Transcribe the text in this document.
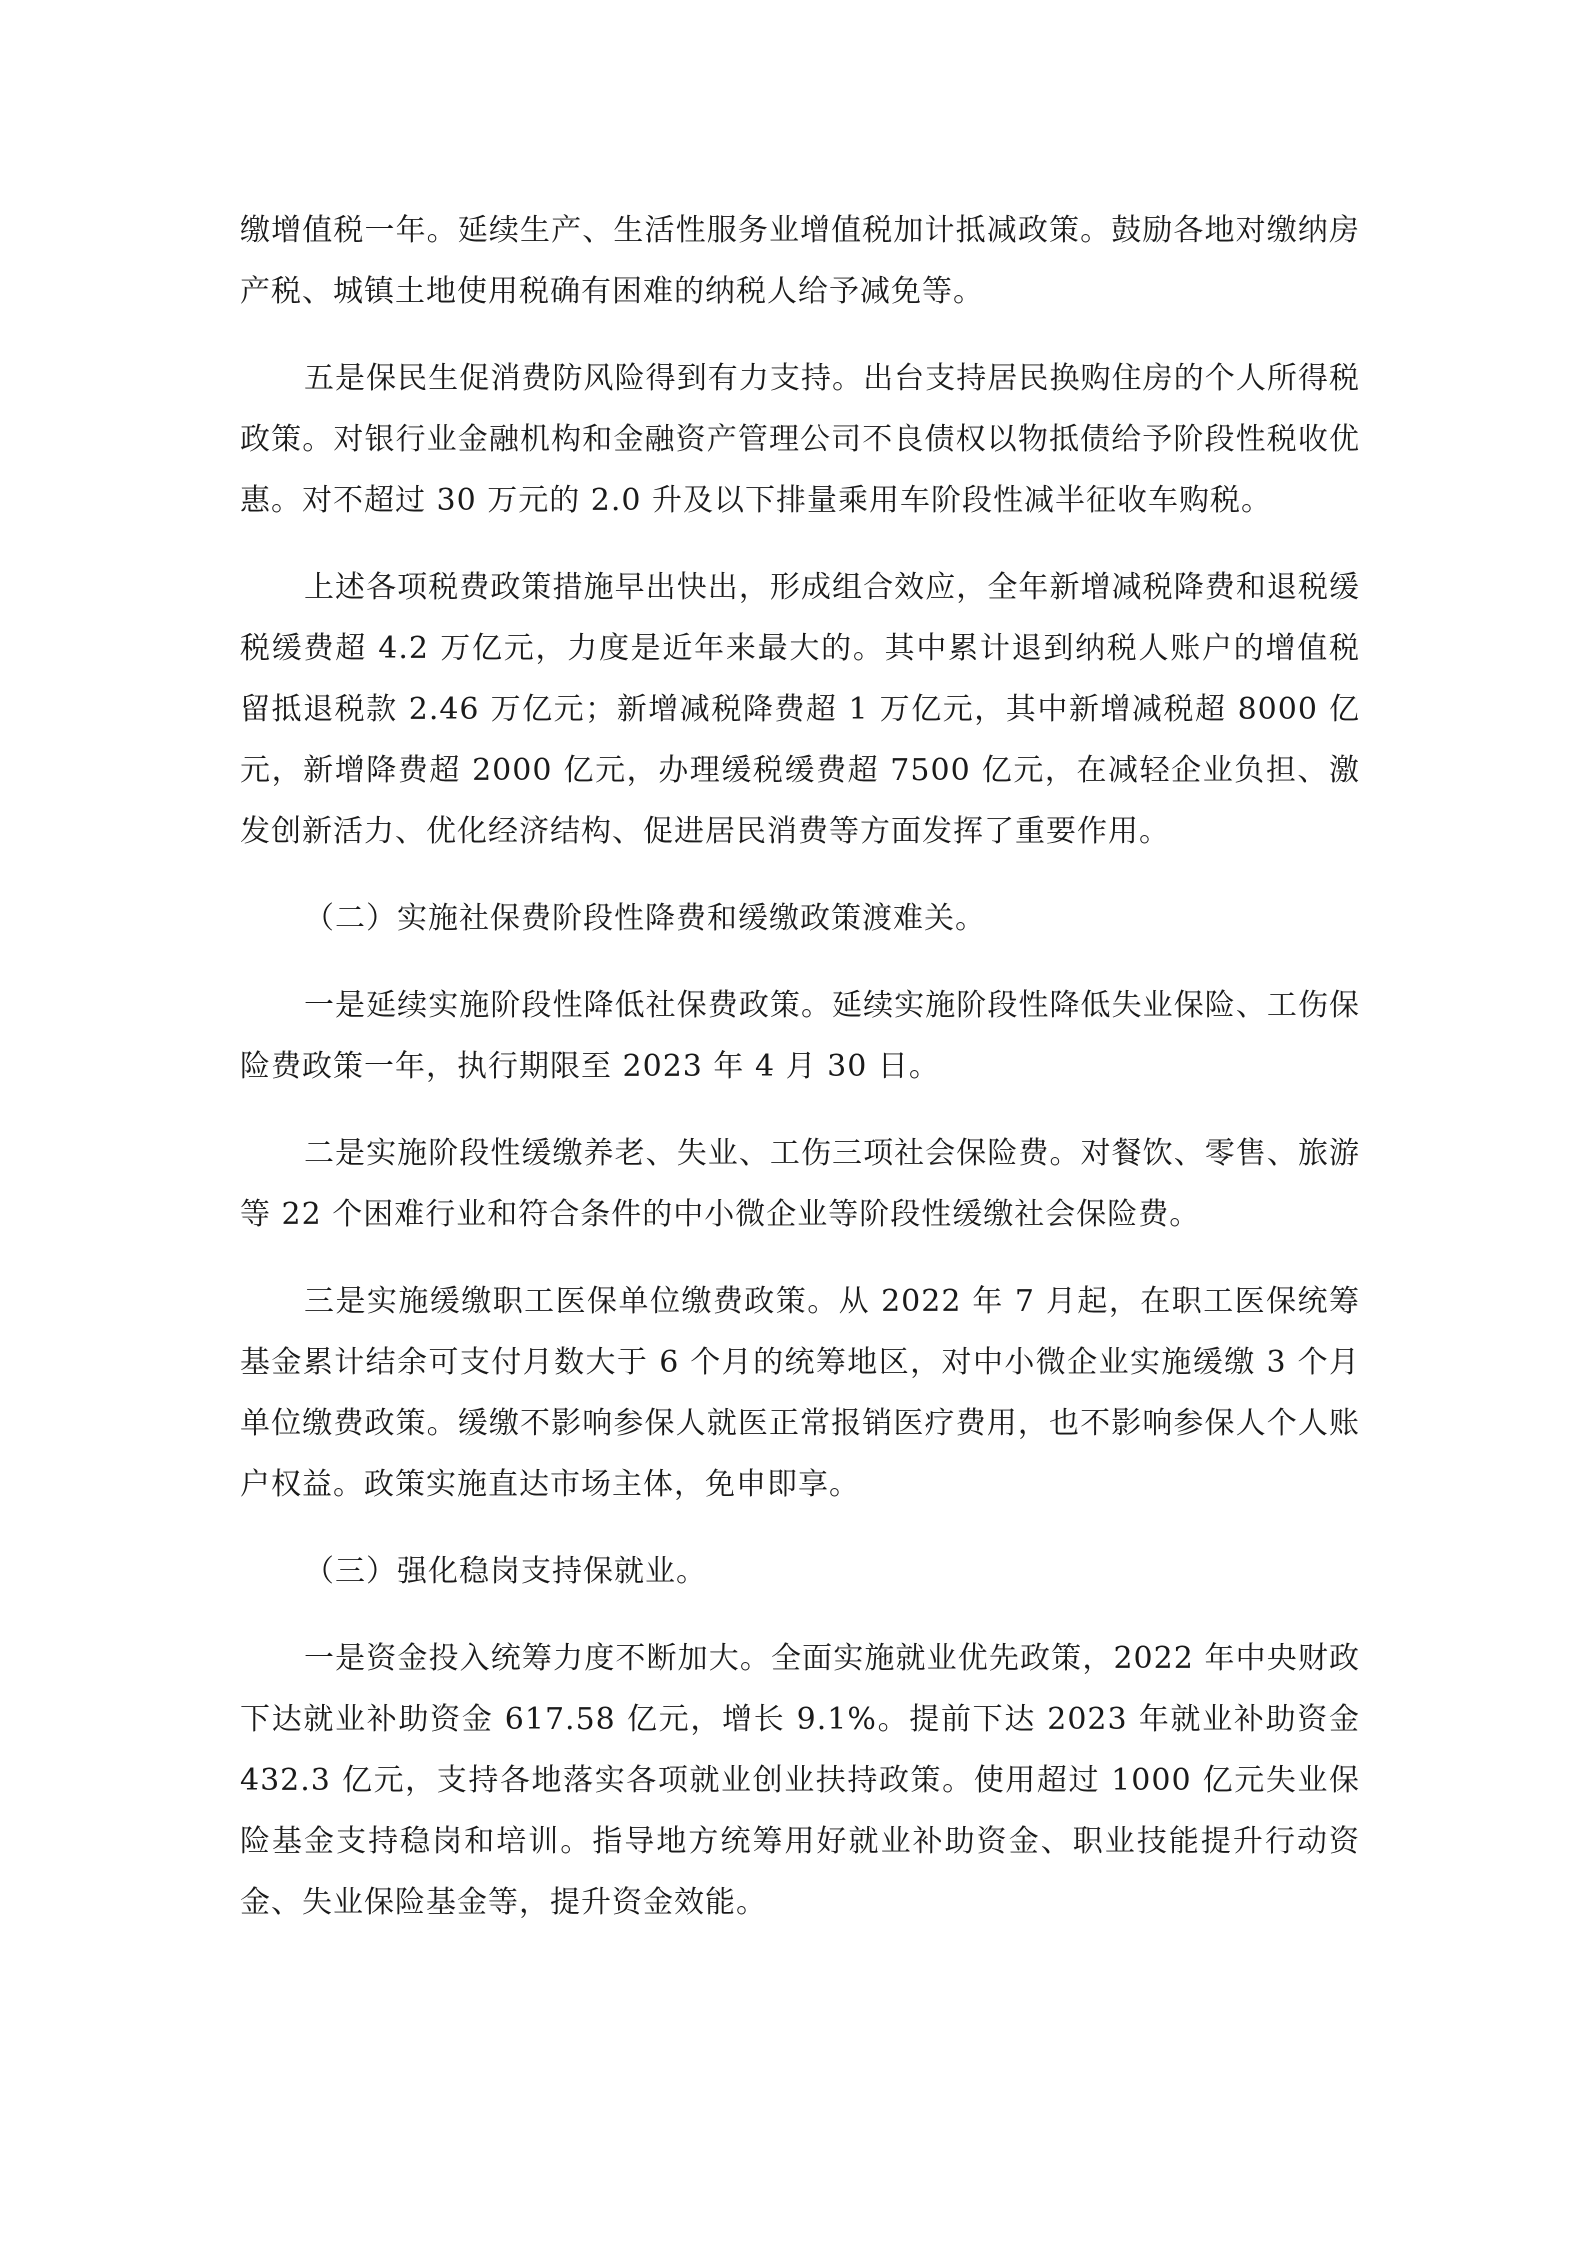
缴增值税一年。延续生产、生活性服务业增值税加计抵减政策。鼓励各地对缴纳房产税、城镇土地使用税确有困难的纳税人给予减免等。

五是保民生促消费防风险得到有力支持。出台支持居民换购住房的个人所得税政策。对银行业金融机构和金融资产管理公司不良债权以物抵债给予阶段性税收优惠。对不超过 30 万元的 2.0 升及以下排量乘用车阶段性减半征收车购税。

上述各项税费政策措施早出快出，形成组合效应，全年新增减税降费和退税缓税缓费超 4.2 万亿元，力度是近年来最大的。其中累计退到纳税人账户的增值税留抵退税款 2.46 万亿元；新增减税降费超 1 万亿元，其中新增减税超 8000 亿元，新增降费超 2000 亿元，办理缓税缓费超 7500 亿元，在减轻企业负担、激发创新活力、优化经济结构、促进居民消费等方面发挥了重要作用。

（二）实施社保费阶段性降费和缓缴政策渡难关。

一是延续实施阶段性降低社保费政策。延续实施阶段性降低失业保险、工伤保险费政策一年，执行期限至 2023 年 4 月 30 日。

二是实施阶段性缓缴养老、失业、工伤三项社会保险费。对餐饮、零售、旅游等 22 个困难行业和符合条件的中小微企业等阶段性缓缴社会保险费。

三是实施缓缴职工医保单位缴费政策。从 2022 年 7 月起，在职工医保统筹基金累计结余可支付月数大于 6 个月的统筹地区，对中小微企业实施缓缴 3 个月单位缴费政策。缓缴不影响参保人就医正常报销医疗费用，也不影响参保人个人账户权益。政策实施直达市场主体，免申即享。

（三）强化稳岗支持保就业。

一是资金投入统筹力度不断加大。全面实施就业优先政策，2022 年中央财政下达就业补助资金 617.58 亿元，增长 9.1%。提前下达 2023 年就业补助资金 432.3 亿元，支持各地落实各项就业创业扶持政策。使用超过 1000 亿元失业保险基金支持稳岗和培训。指导地方统筹用好就业补助资金、职业技能提升行动资金、失业保险基金等，提升资金效能。
